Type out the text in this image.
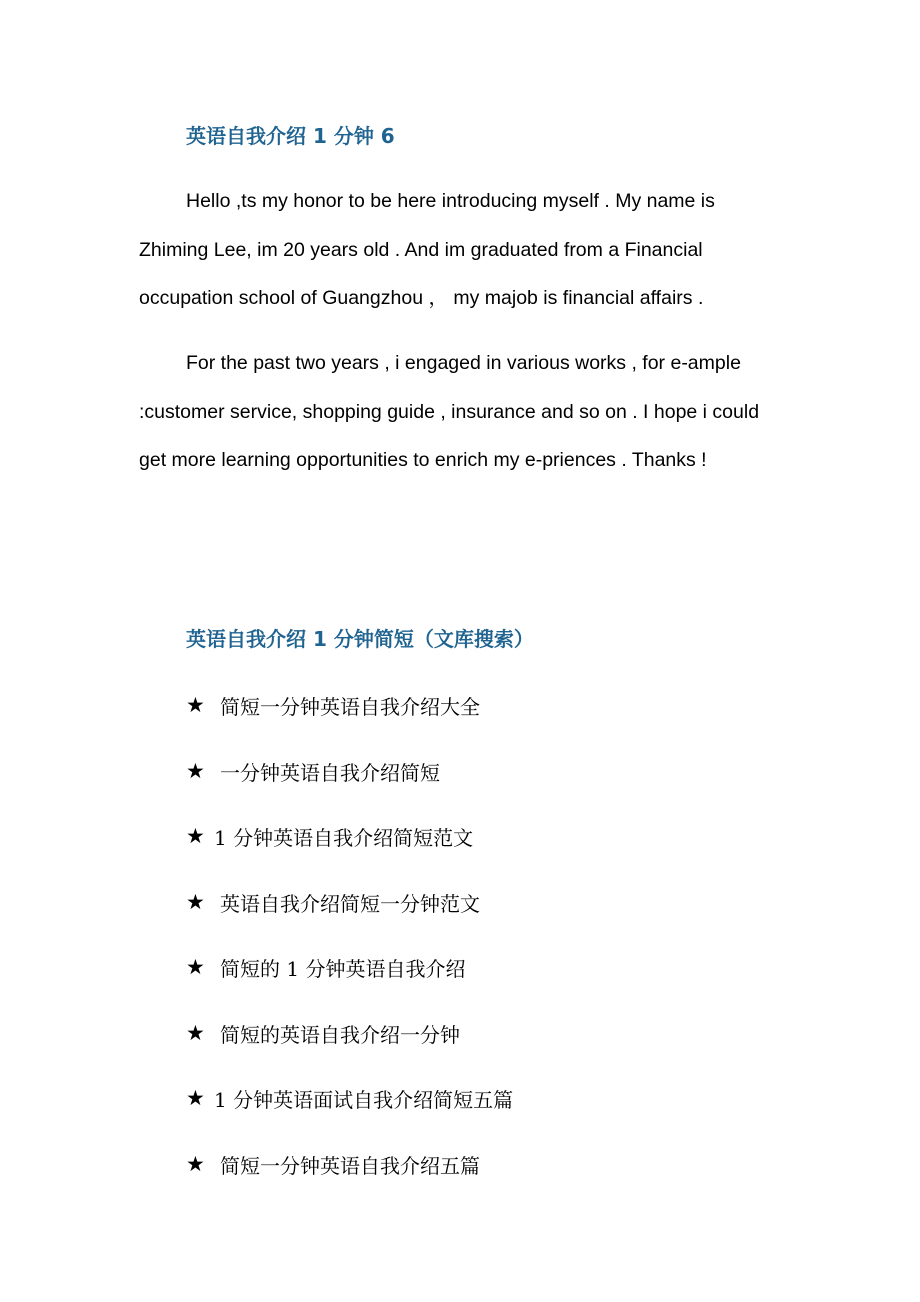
英语自我介绍 1 分钟 6

Hello ,ts my honor to be here introducing myself . My name is Zhiming Lee, im 20 years old . And im graduated from a Financial occupation school of Guangzhou ， my majob is financial affairs .

For the past two years , i engaged in various works , for e-ample :customer service, shopping guide , insurance and so on . I hope i could get more learning opportunities to enrich my e-priences . Thanks !

英语自我介绍 1 分钟简短（文库搜索）
★ 简短一分钟英语自我介绍大全
★ 一分钟英语自我介绍简短
★ 1 分钟英语自我介绍简短范文
★ 英语自我介绍简短一分钟范文
★ 简短的 1 分钟英语自我介绍
★ 简短的英语自我介绍一分钟
★ 1 分钟英语面试自我介绍简短五篇
★ 简短一分钟英语自我介绍五篇
